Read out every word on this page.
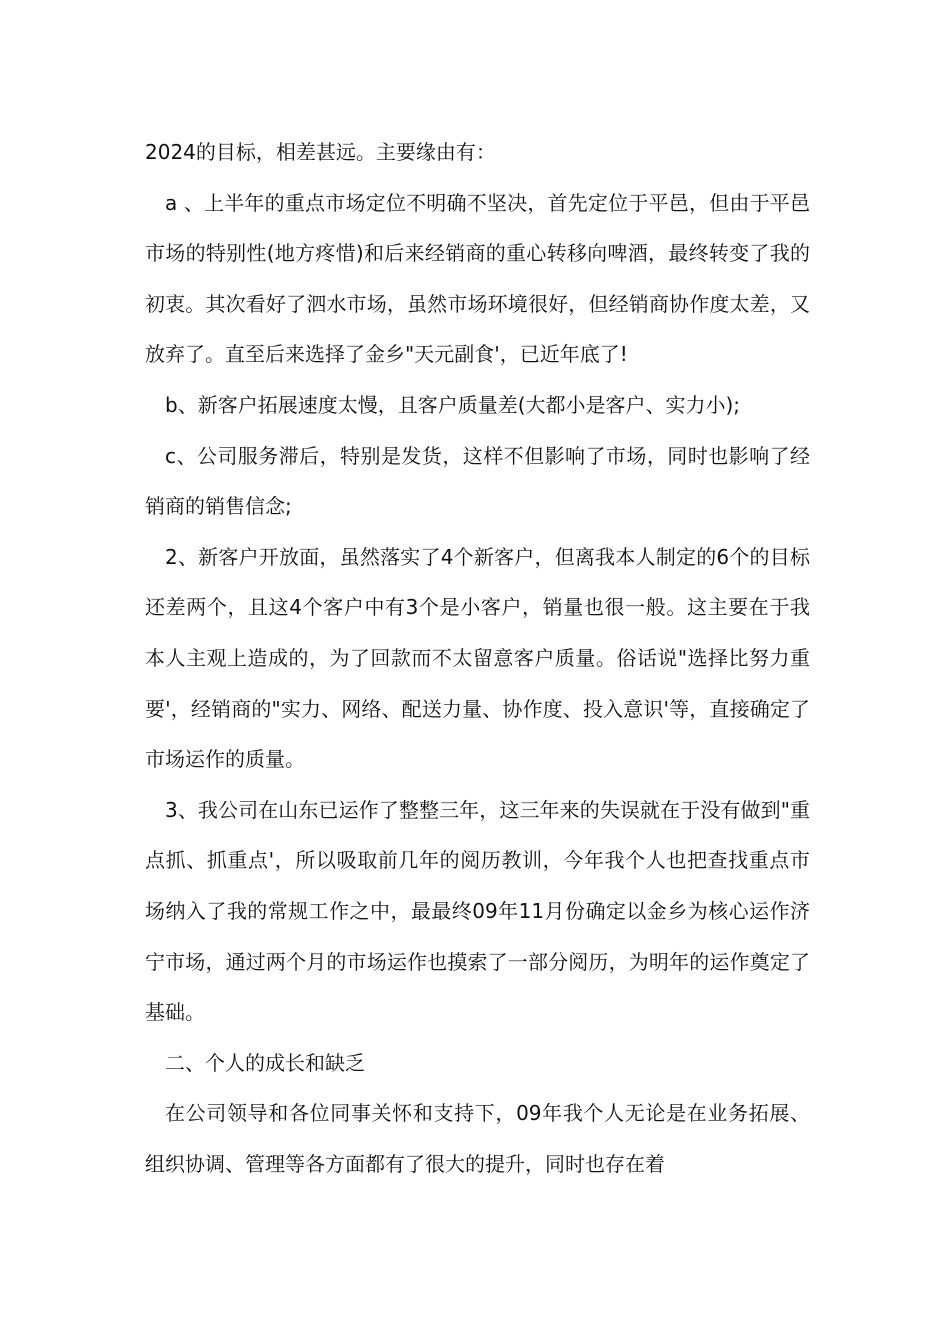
2024的目标，相差甚远。主要缘由有：

a 、上半年的重点市场定位不明确不坚决，首先定位于平邑，但由于平邑市场的特别性(地方疼惜)和后来经销商的重心转移向啤酒，最终转变了我的初衷。其次看好了泗水市场，虽然市场环境很好，但经销商协作度太差，又放弃了。直至后来选择了金乡"天元副食'，已近年底了!

b、新客户拓展速度太慢，且客户质量差(大都小是客户、实力小);

c、公司服务滞后，特别是发货，这样不但影响了市场，同时也影响了经销商的销售信念;

2、新客户开放面，虽然落实了4个新客户，但离我本人制定的6个的目标还差两个，且这4个客户中有3个是小客户，销量也很一般。这主要在于我本人主观上造成的，为了回款而不太留意客户质量。俗话说"选择比努力重要'，经销商的"实力、网络、配送力量、协作度、投入意识'等，直接确定了市场运作的质量。

3、我公司在山东已运作了整整三年，这三年来的失误就在于没有做到"重点抓、抓重点'，所以吸取前几年的阅历教训，今年我个人也把查找重点市场纳入了我的常规工作之中，最最终09年11月份确定以金乡为核心运作济宁市场，通过两个月的市场运作也摸索了一部分阅历，为明年的运作奠定了基础。

二、个人的成长和缺乏

在公司领导和各位同事关怀和支持下，09年我个人无论是在业务拓展、组织协调、管理等各方面都有了很大的提升，同时也存在着
